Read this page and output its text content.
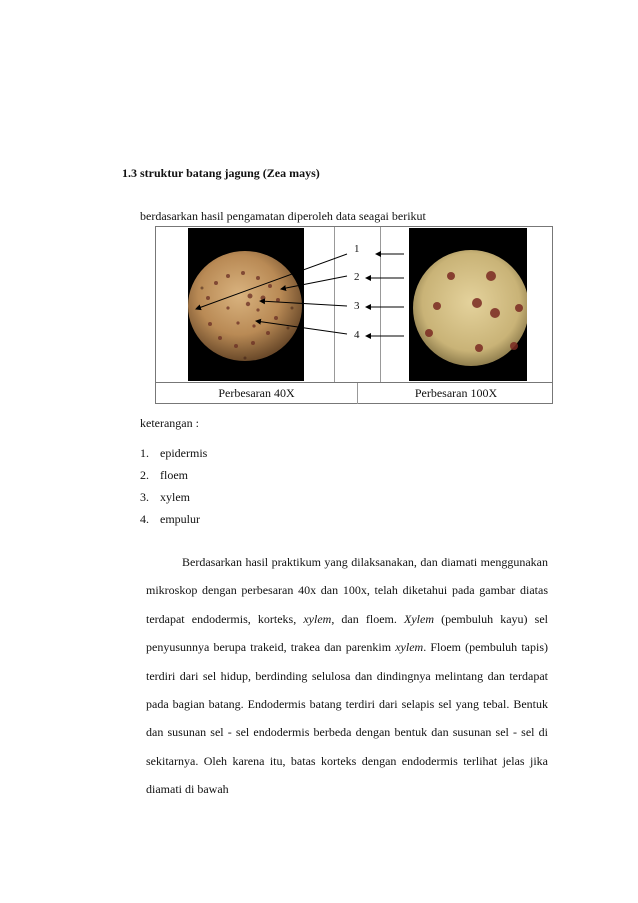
1.3 struktur batang jagung (Zea mays)

berdasarkan hasil pengamatan diperoleh data seagai berikut

1
2
3
4
Perbesaran 40X	Perbesaran 100X

keterangan :

1. epidermis
2. floem
3. xylem
4. empulur

Berdasarkan hasil praktikum yang dilaksanakan, dan diamati menggunakan mikroskop dengan perbesaran 40x dan 100x, telah diketahui pada gambar diatas terdapat endodermis, korteks, xylem, dan floem. Xylem (pembuluh kayu) sel penyusunnya berupa trakeid, trakea dan parenkim xylem. Floem (pembuluh tapis) terdiri dari sel hidup, berdinding selulosa dan dindingnya melintang dan terdapat pada bagian batang. Endodermis batang terdiri dari selapis sel yang tebal. Bentuk dan susunan sel - sel endodermis berbeda dengan bentuk dan susunan sel - sel di sekitarnya. Oleh karena itu, batas korteks dengan endodermis terlihat jelas jika diamati di bawah
